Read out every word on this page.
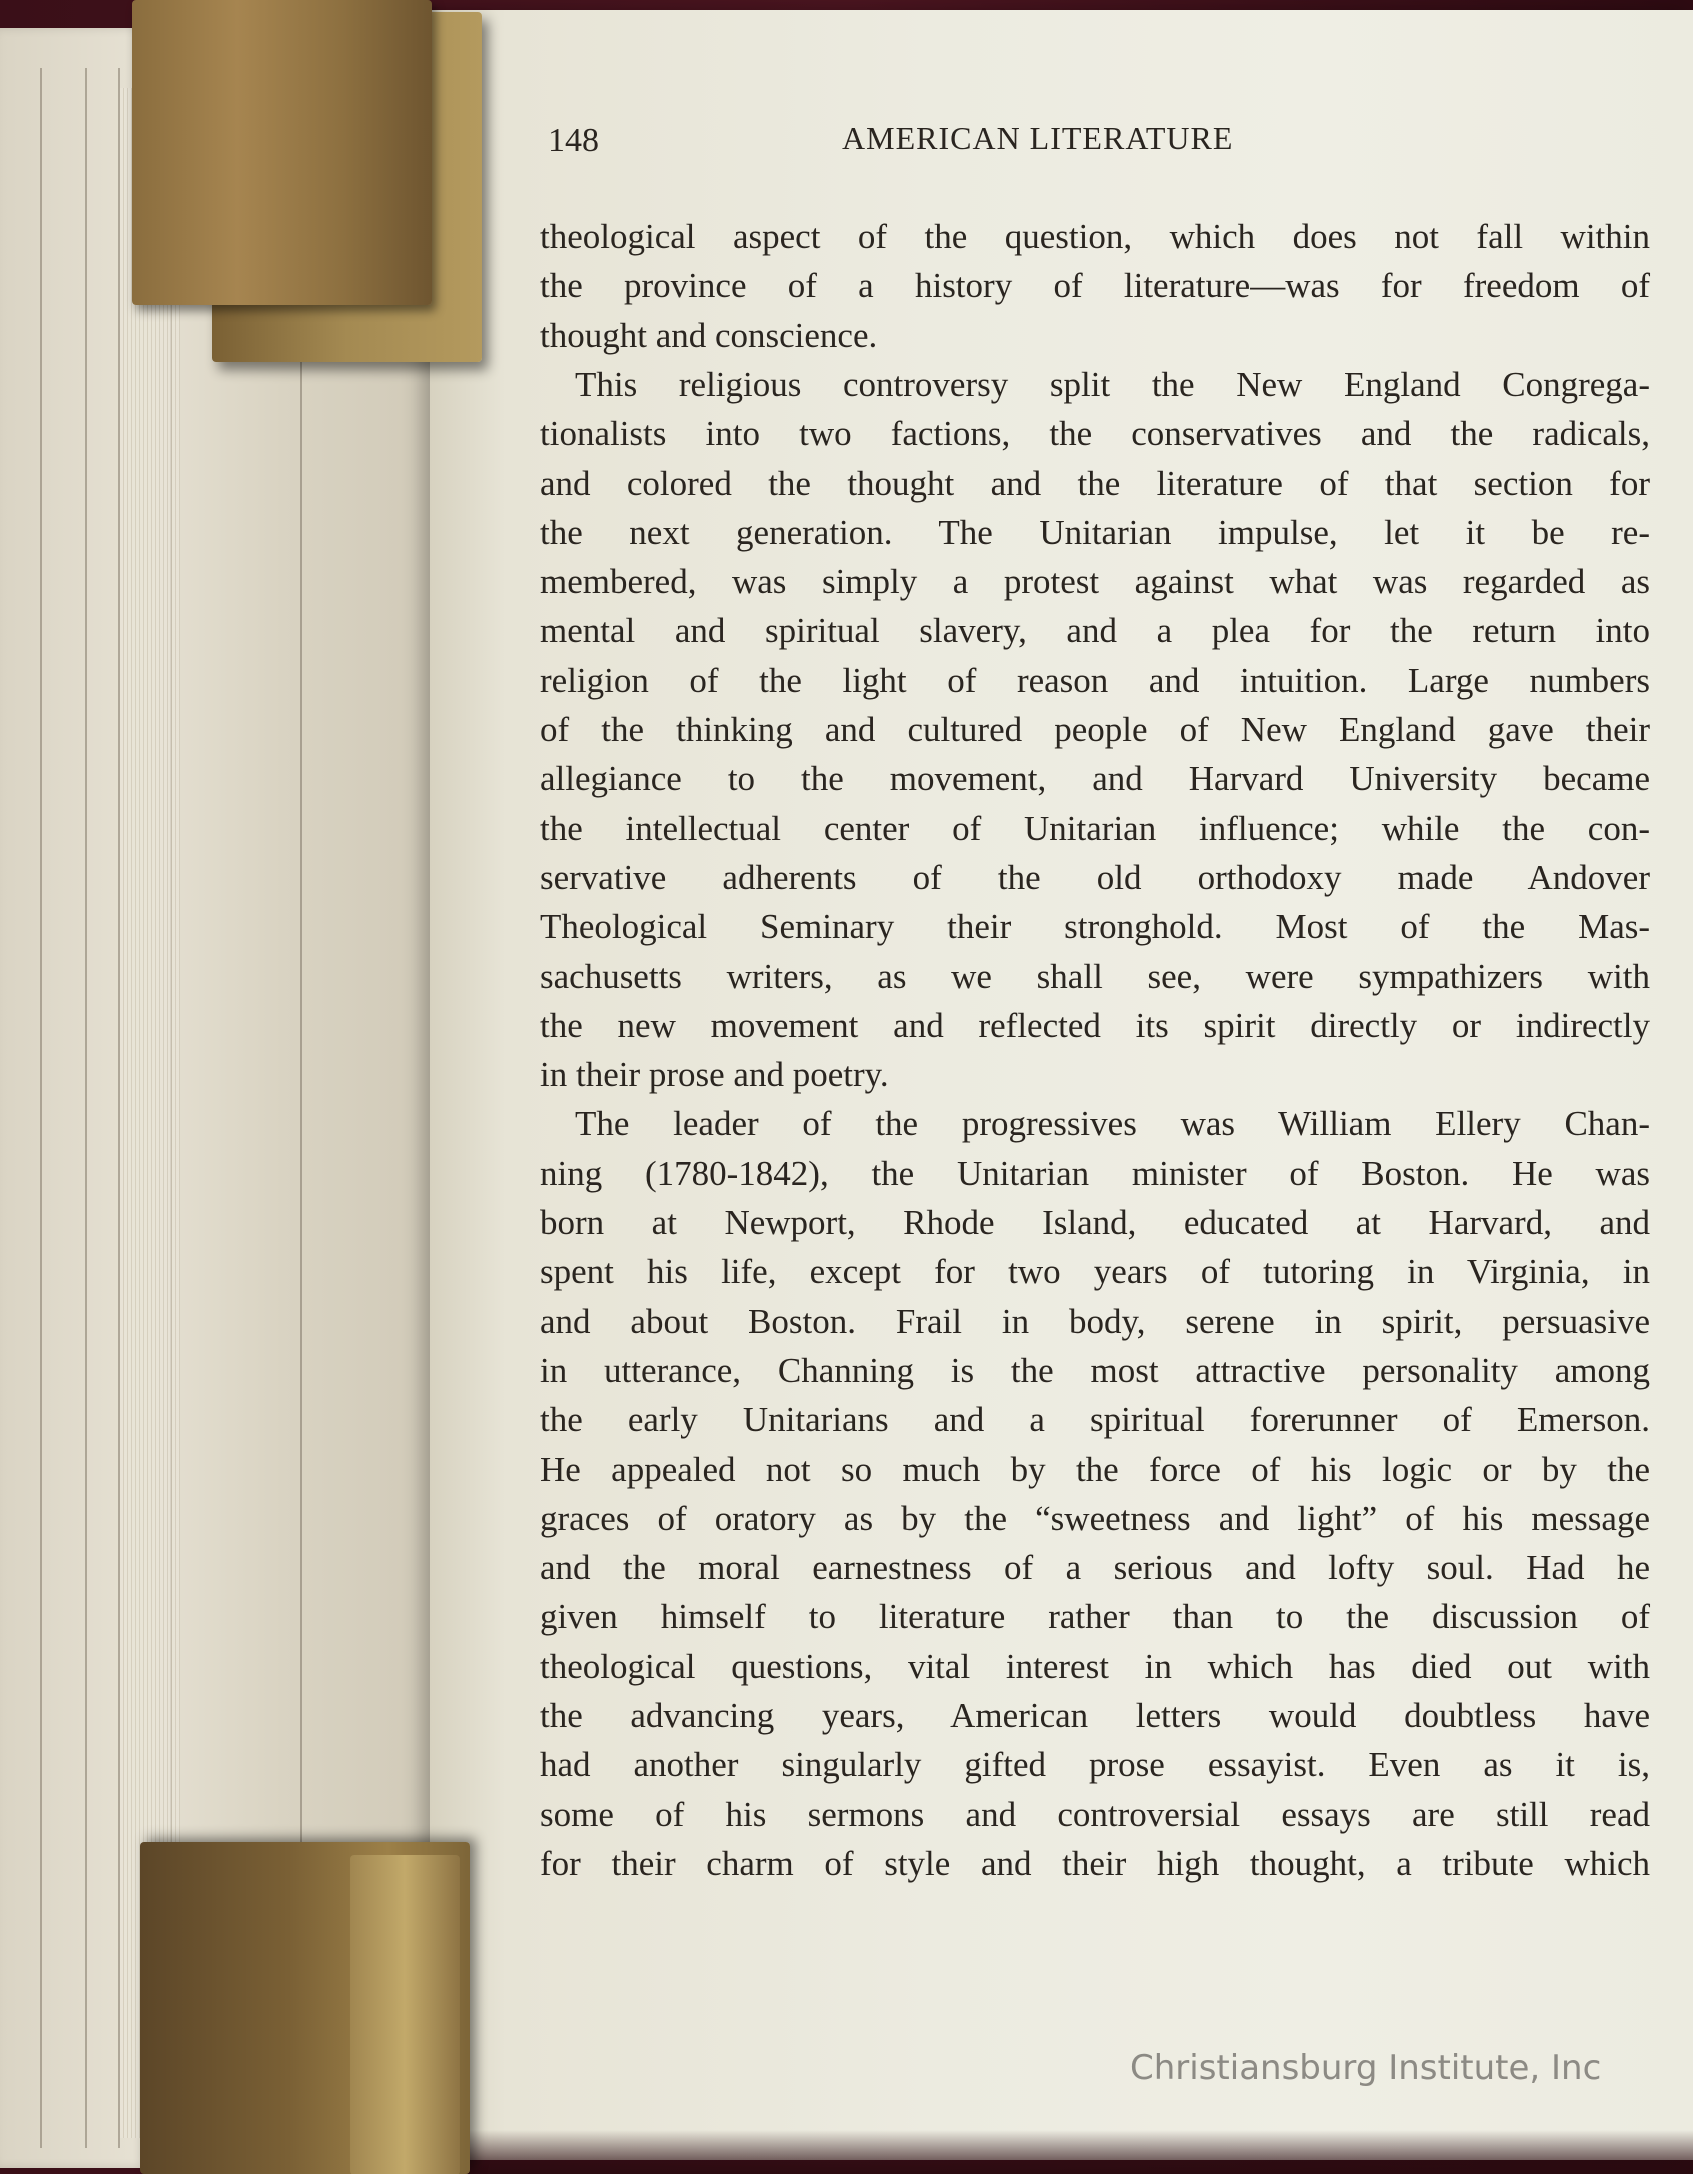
148	AMERICAN LITERATURE
theological aspect of the question, which does not fall within
the province of a history of literature—was for freedom of
thought and conscience.
This religious controversy split the New England Congrega-
tionalists into two factions, the conservatives and the radicals,
and colored the thought and the literature of that section for
the next generation. The Unitarian impulse, let it be re-
membered, was simply a protest against what was regarded as
mental and spiritual slavery, and a plea for the return into
religion of the light of reason and intuition. Large numbers
of the thinking and cultured people of New England gave their
allegiance to the movement, and Harvard University became
the intellectual center of Unitarian influence; while the con-
servative adherents of the old orthodoxy made Andover
Theological Seminary their stronghold. Most of the Mas-
sachusetts writers, as we shall see, were sympathizers with
the new movement and reflected its spirit directly or indirectly
in their prose and poetry.
The leader of the progressives was William Ellery Chan-
ning (1780-1842), the Unitarian minister of Boston. He was
born at Newport, Rhode Island, educated at Harvard, and
spent his life, except for two years of tutoring in Virginia, in
and about Boston. Frail in body, serene in spirit, persuasive
in utterance, Channing is the most attractive personality among
the early Unitarians and a spiritual forerunner of Emerson.
He appealed not so much by the force of his logic or by the
graces of oratory as by the “sweetness and light” of his message
and the moral earnestness of a serious and lofty soul. Had he
given himself to literature rather than to the discussion of
theological questions, vital interest in which has died out with
the advancing years, American letters would doubtless have
had another singularly gifted prose essayist. Even as it is,
some of his sermons and controversial essays are still read
for their charm of style and their high thought, a tribute which
Christiansburg Institute, Inc
